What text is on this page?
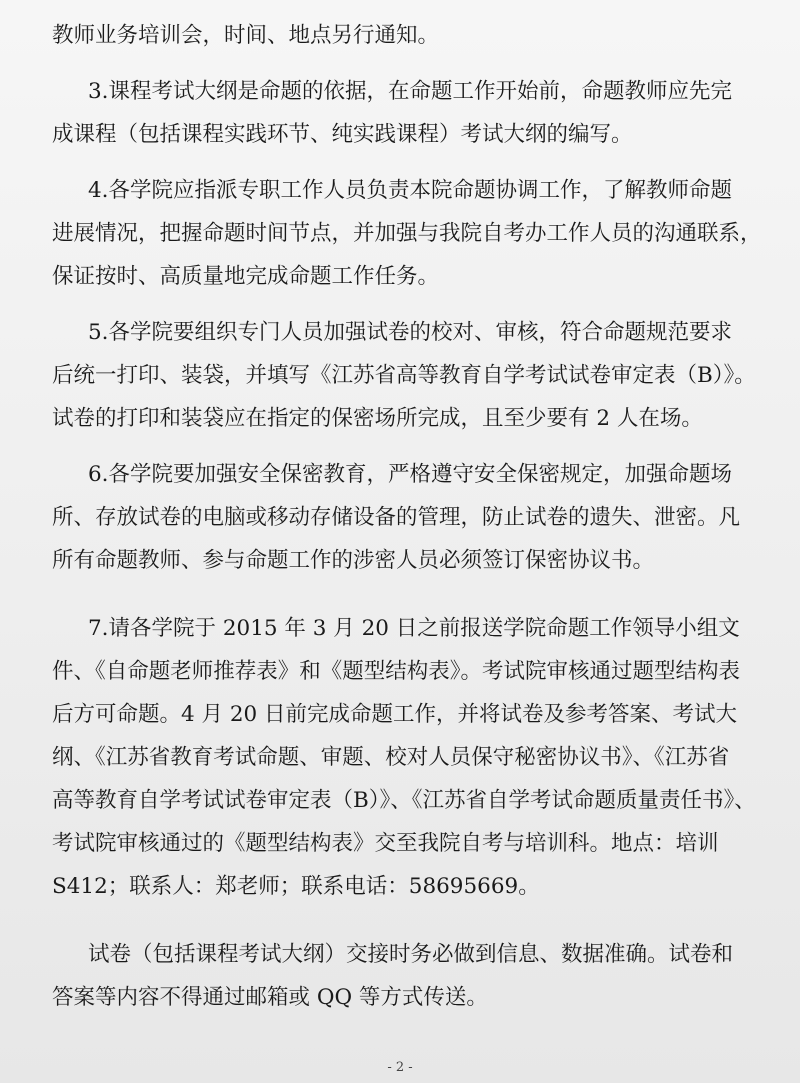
教师业务培训会，时间、地点另行通知。

3.课程考试大纲是命题的依据，在命题工作开始前，命题教师应先完
成课程（包括课程实践环节、纯实践课程）考试大纲的编写。

4.各学院应指派专职工作人员负责本院命题协调工作，了解教师命题
进展情况，把握命题时间节点，并加强与我院自考办工作人员的沟通联系，
保证按时、高质量地完成命题工作任务。

5.各学院要组织专门人员加强试卷的校对、审核，符合命题规范要求
后统一打印、装袋，并填写《江苏省高等教育自学考试试卷审定表（B）》。
试卷的打印和装袋应在指定的保密场所完成，且至少要有 2 人在场。

6.各学院要加强安全保密教育，严格遵守安全保密规定，加强命题场
所、存放试卷的电脑或移动存储设备的管理，防止试卷的遗失、泄密。凡
所有命题教师、参与命题工作的涉密人员必须签订保密协议书。

7.请各学院于 2015 年 3 月 20 日之前报送学院命题工作领导小组文
件、《自命题老师推荐表》和《题型结构表》。考试院审核通过题型结构表
后方可命题。4 月 20 日前完成命题工作，并将试卷及参考答案、考试大
纲、《江苏省教育考试命题、审题、校对人员保守秘密协议书》、《江苏省
高等教育自学考试试卷审定表（B）》、《江苏省自学考试命题质量责任书》、
考试院审核通过的《题型结构表》交至我院自考与培训科。地点：培训
S412；联系人：郑老师；联系电话：58695669。

试卷（包括课程考试大纲）交接时务必做到信息、数据准确。试卷和
答案等内容不得通过邮箱或 QQ 等方式传送。

- 2 -
